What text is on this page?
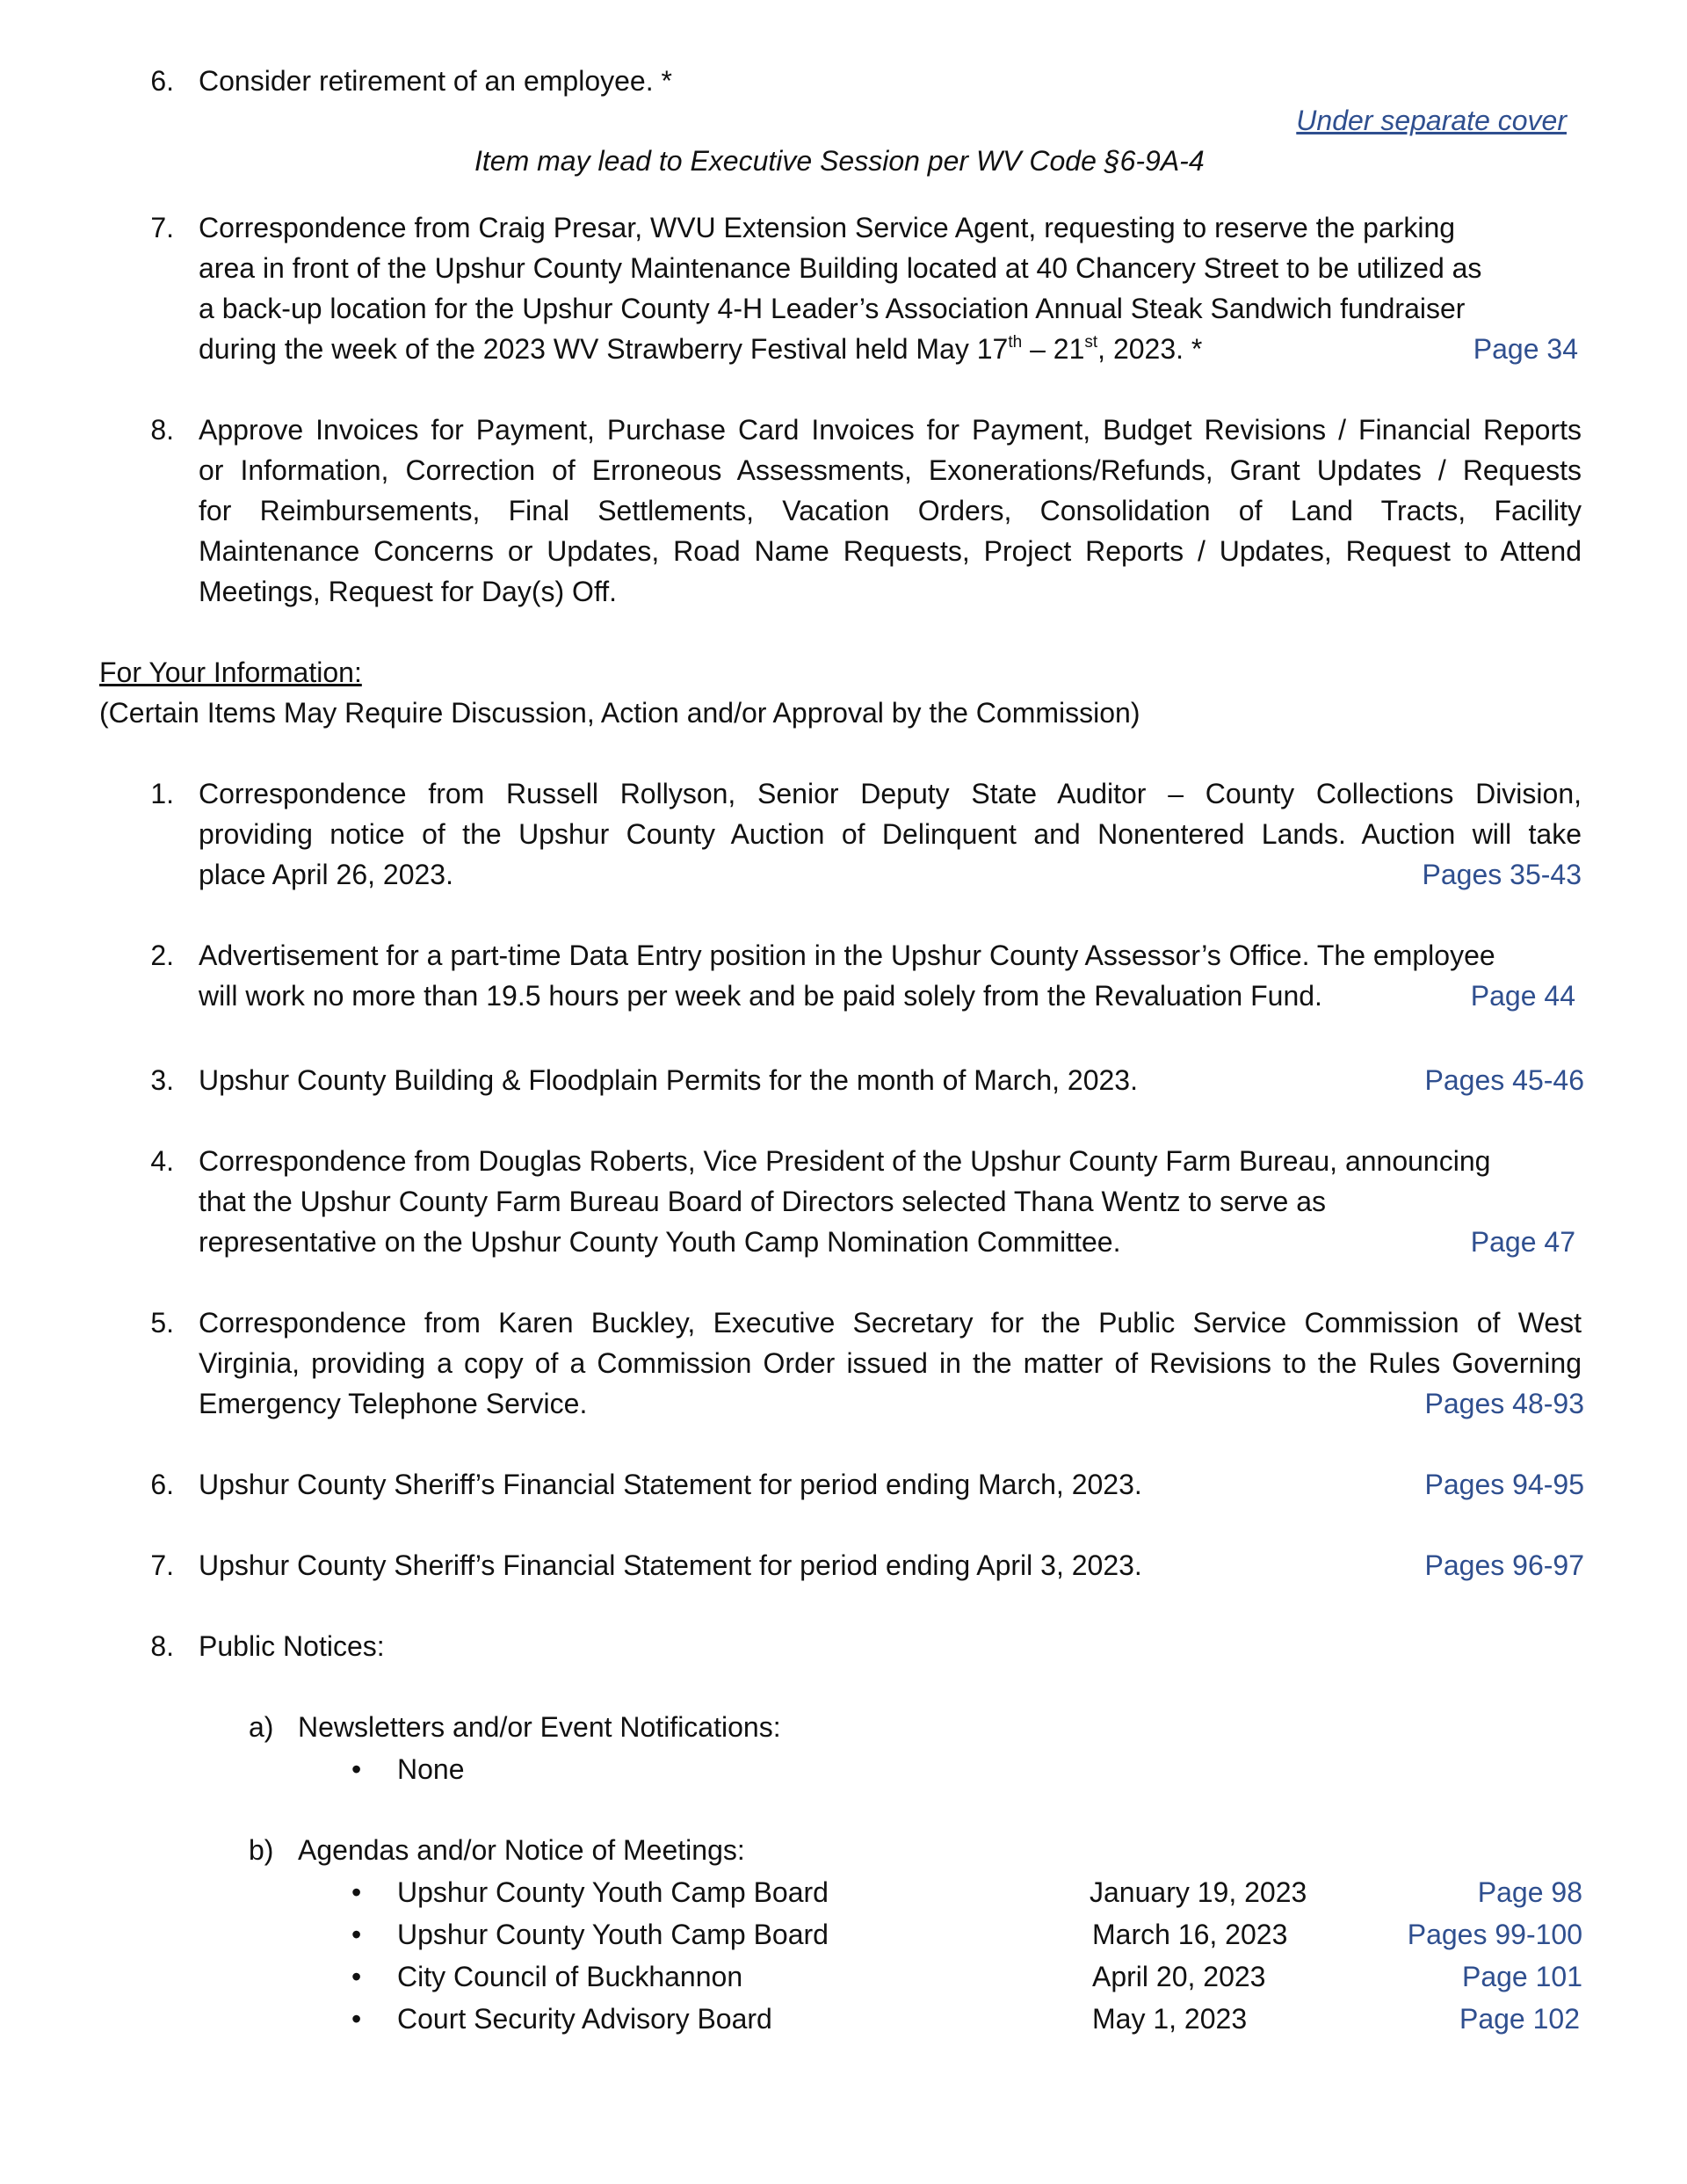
6. Consider retirement of an employee. *
Under separate cover
Item may lead to Executive Session per WV Code §6-9A-4
7. Correspondence from Craig Presar, WVU Extension Service Agent, requesting to reserve the parking
area in front of the Upshur County Maintenance Building located at 40 Chancery Street to be utilized as
a back-up location for the Upshur County 4-H Leader’s Association Annual Steak Sandwich fundraiser
during the week of the 2023 WV Strawberry Festival held May 17th – 21st, 2023. *	Page 34
8. Approve Invoices for Payment, Purchase Card Invoices for Payment, Budget Revisions / Financial Reports
or Information, Correction of Erroneous Assessments, Exonerations/Refunds, Grant Updates / Requests
for Reimbursements, Final Settlements, Vacation Orders, Consolidation of Land Tracts, Facility
Maintenance Concerns or Updates, Road Name Requests, Project Reports / Updates, Request to Attend
Meetings, Request for Day(s) Off.
For Your Information:
(Certain Items May Require Discussion, Action and/or Approval by the Commission)
1. Correspondence from Russell Rollyson, Senior Deputy State Auditor – County Collections Division,
providing notice of the Upshur County Auction of Delinquent and Nonentered Lands. Auction will take
place April 26, 2023.	Pages 35-43
2. Advertisement for a part-time Data Entry position in the Upshur County Assessor’s Office. The employee
will work no more than 19.5 hours per week and be paid solely from the Revaluation Fund.	Page 44
3. Upshur County Building & Floodplain Permits for the month of March, 2023.	Pages 45-46
4. Correspondence from Douglas Roberts, Vice President of the Upshur County Farm Bureau, announcing
that the Upshur County Farm Bureau Board of Directors selected Thana Wentz to serve as
representative on the Upshur County Youth Camp Nomination Committee.	Page 47
5. Correspondence from Karen Buckley, Executive Secretary for the Public Service Commission of West
Virginia, providing a copy of a Commission Order issued in the matter of Revisions to the Rules Governing
Emergency Telephone Service.	Pages 48-93
6. Upshur County Sheriff’s Financial Statement for period ending March, 2023.	Pages 94-95
7. Upshur County Sheriff’s Financial Statement for period ending April 3, 2023.	Pages 96-97
8. Public Notices:
a) Newsletters and/or Event Notifications:
• None
b) Agendas and/or Notice of Meetings:
• Upshur County Youth Camp Board	January 19, 2023	Page 98
• Upshur County Youth Camp Board	March 16, 2023	Pages 99-100
• City Council of Buckhannon	April 20, 2023	Page 101
• Court Security Advisory Board	May 1, 2023	Page 102
